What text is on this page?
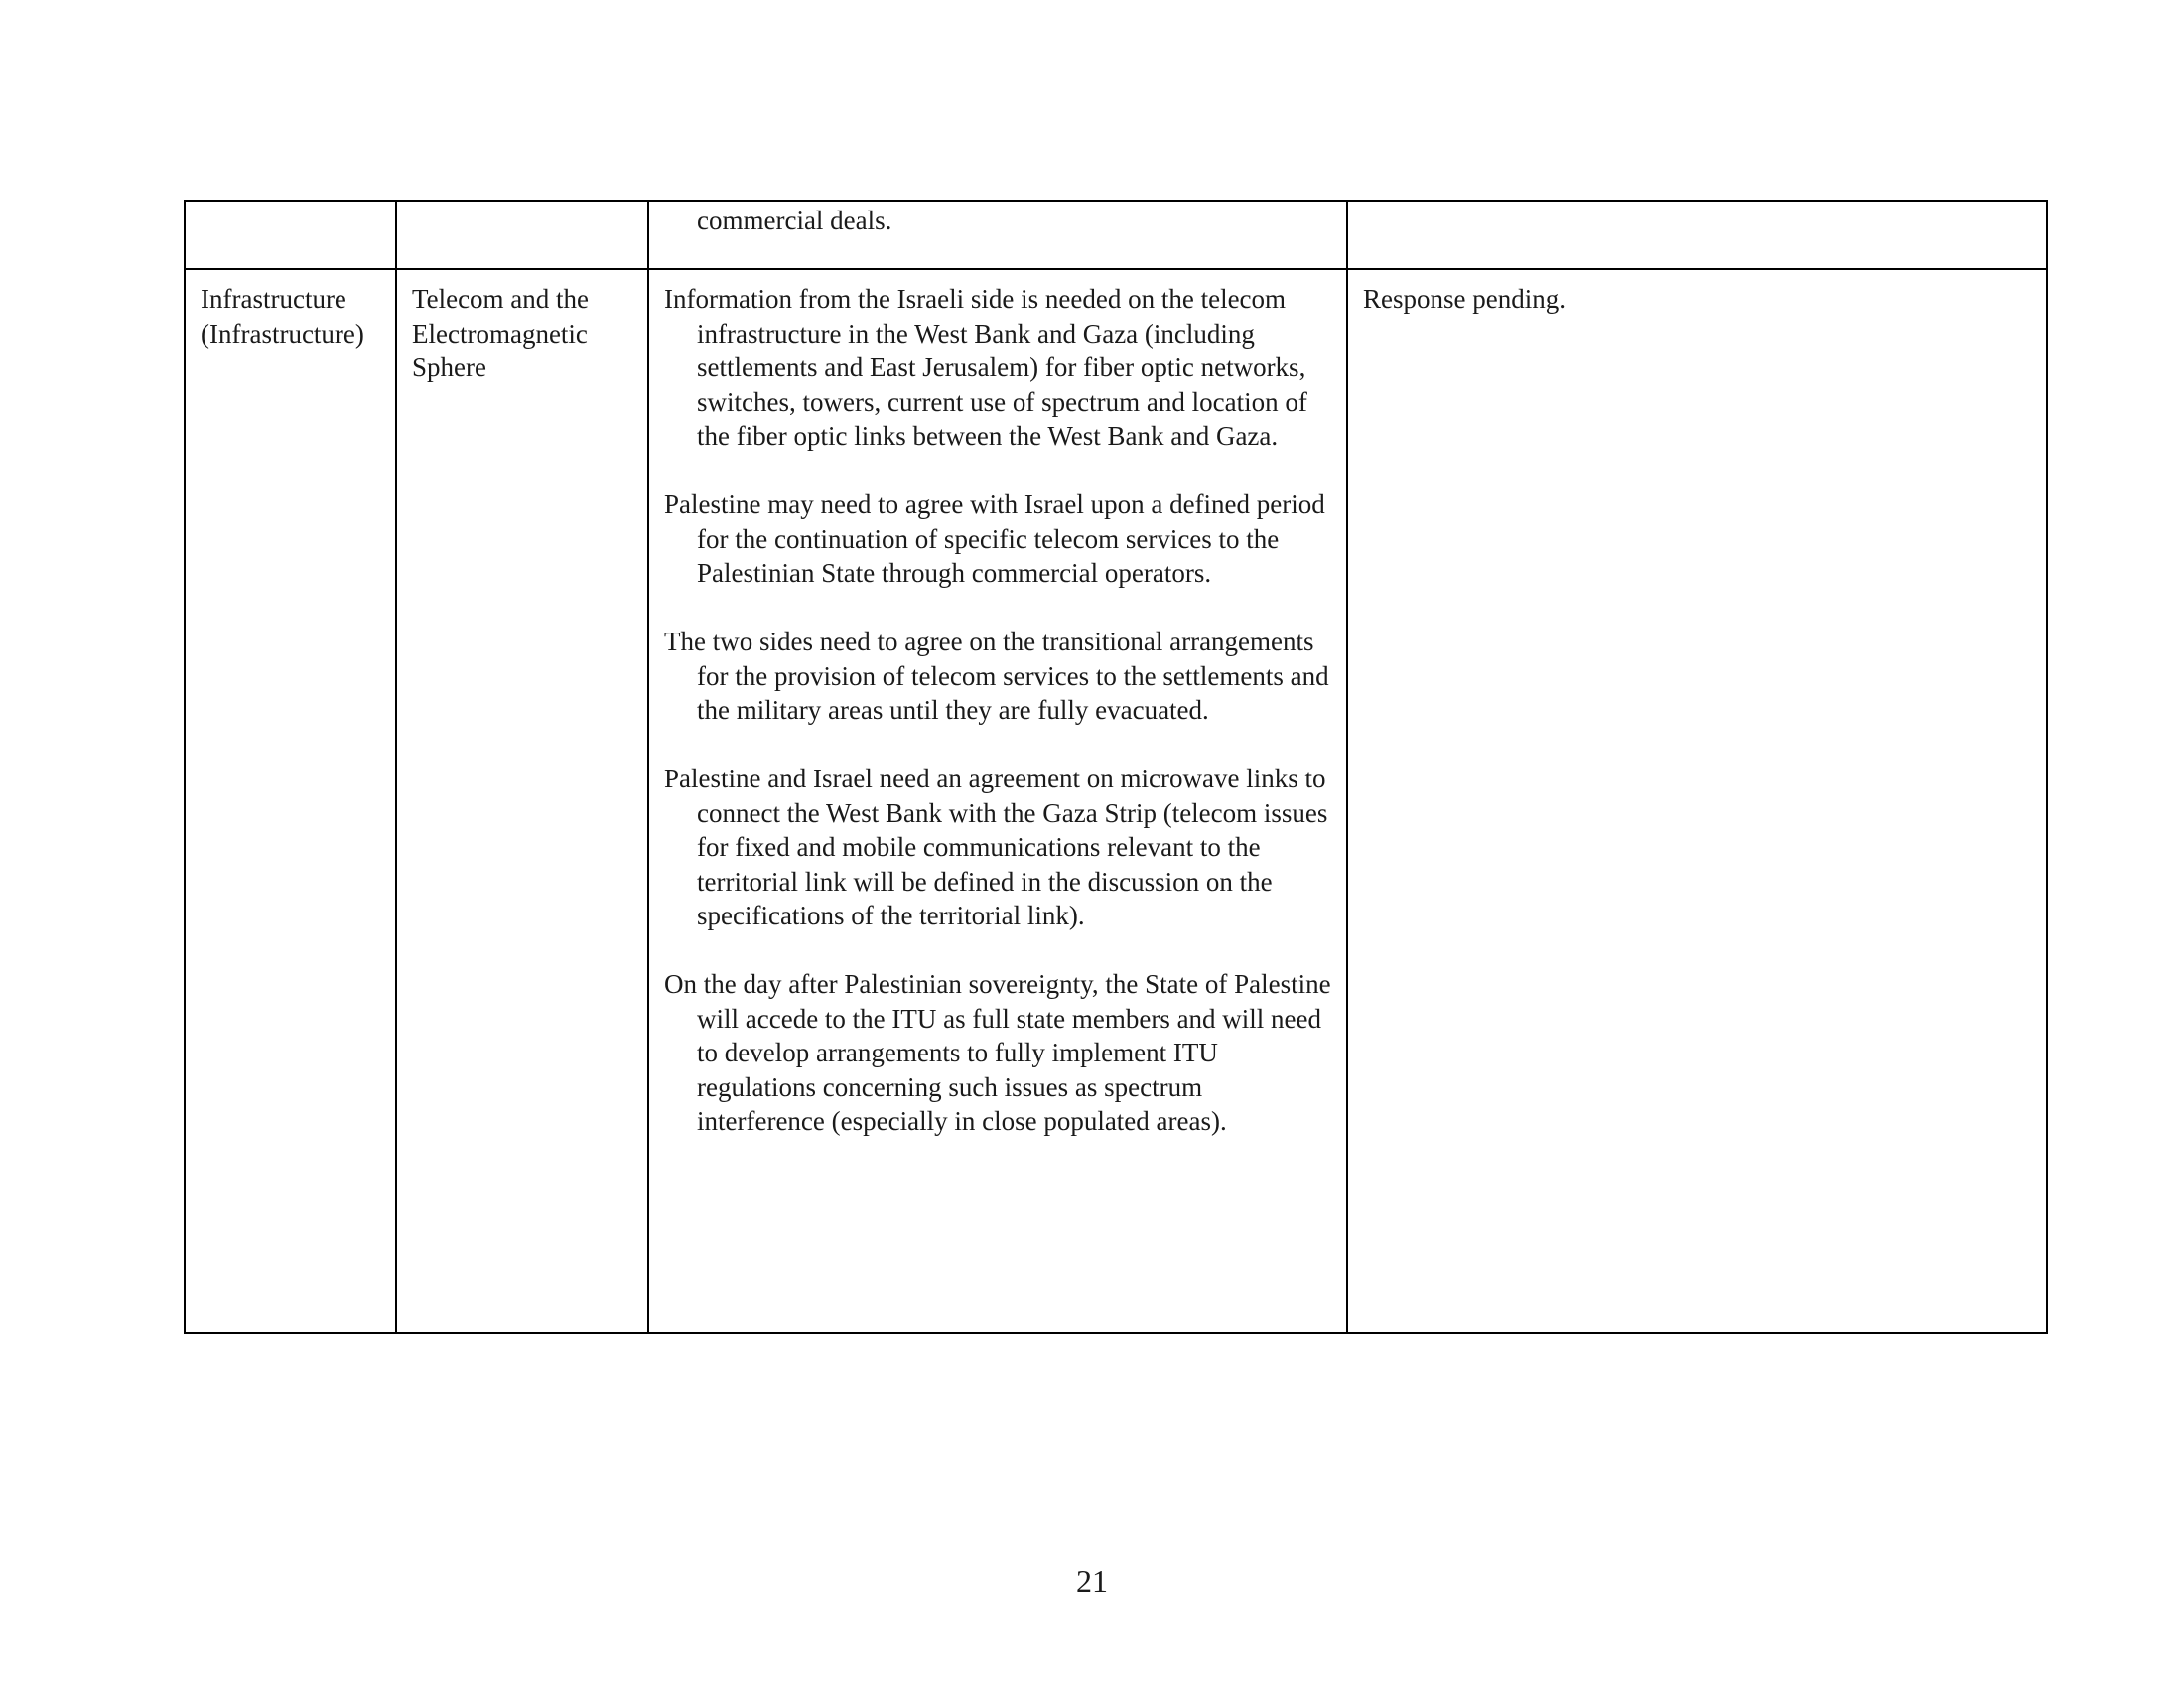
		commercial deals.	

Infrastructure (Infrastructure)	Telecom and the Electromagnetic Sphere	Information from the Israeli side is needed on the telecom infrastructure in the West Bank and Gaza (including settlements and East Jerusalem) for fiber optic networks, switches, towers, current use of spectrum and location of the fiber optic links between the West Bank and Gaza.

Palestine may need to agree with Israel upon a defined period for the continuation of specific telecom services to the Palestinian State through commercial operators.

The two sides need to agree on the transitional arrangements for the provision of telecom services to the settlements and the military areas until they are fully evacuated.

Palestine and Israel need an agreement on microwave links to connect the West Bank with the Gaza Strip (telecom issues for fixed and mobile communications relevant to the territorial link will be defined in the discussion on the specifications of the territorial link).

On the day after Palestinian sovereignty, the State of Palestine will accede to the ITU as full state members and will need to develop arrangements to fully implement ITU regulations concerning such issues as spectrum interference (especially in close populated areas).	Response pending.
21
